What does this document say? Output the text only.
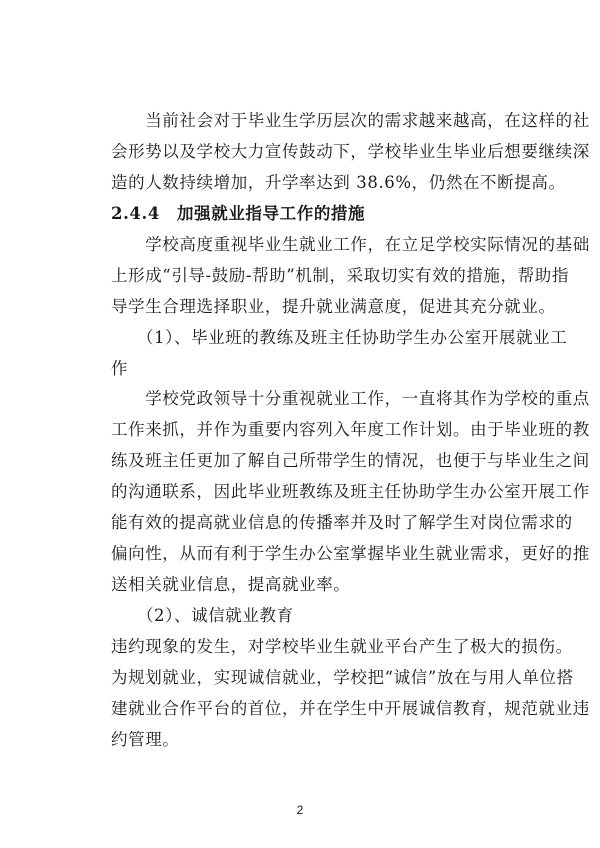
　　当前社会对于毕业生学历层次的需求越来越高，在这样的社
会形势以及学校大力宣传鼓动下，学校毕业生毕业后想要继续深
造的人数持续增加，升学率达到 38.6%，仍然在不断提高。
2.4.4　加强就业指导工作的措施
　　学校高度重视毕业生就业工作，在立足学校实际情况的基础
上形成“引导-鼓励-帮助”机制，采取切实有效的措施，帮助指
导学生合理选择职业，提升就业满意度，促进其充分就业。
　　（1）、毕业班的教练及班主任协助学生办公室开展就业工
作
　　学校党政领导十分重视就业工作，一直将其作为学校的重点
工作来抓，并作为重要内容列入年度工作计划。由于毕业班的教
练及班主任更加了解自己所带学生的情况，也便于与毕业生之间
的沟通联系，因此毕业班教练及班主任协助学生办公室开展工作
能有效的提高就业信息的传播率并及时了解学生对岗位需求的
偏向性，从而有利于学生办公室掌握毕业生就业需求，更好的推
送相关就业信息，提高就业率。
　　（2）、诚信就业教育
违约现象的发生，对学校毕业生就业平台产生了极大的损伤。
为规划就业，实现诚信就业，学校把“诚信”放在与用人单位搭
建就业合作平台的首位，并在学生中开展诚信教育，规范就业违
约管理。
2
